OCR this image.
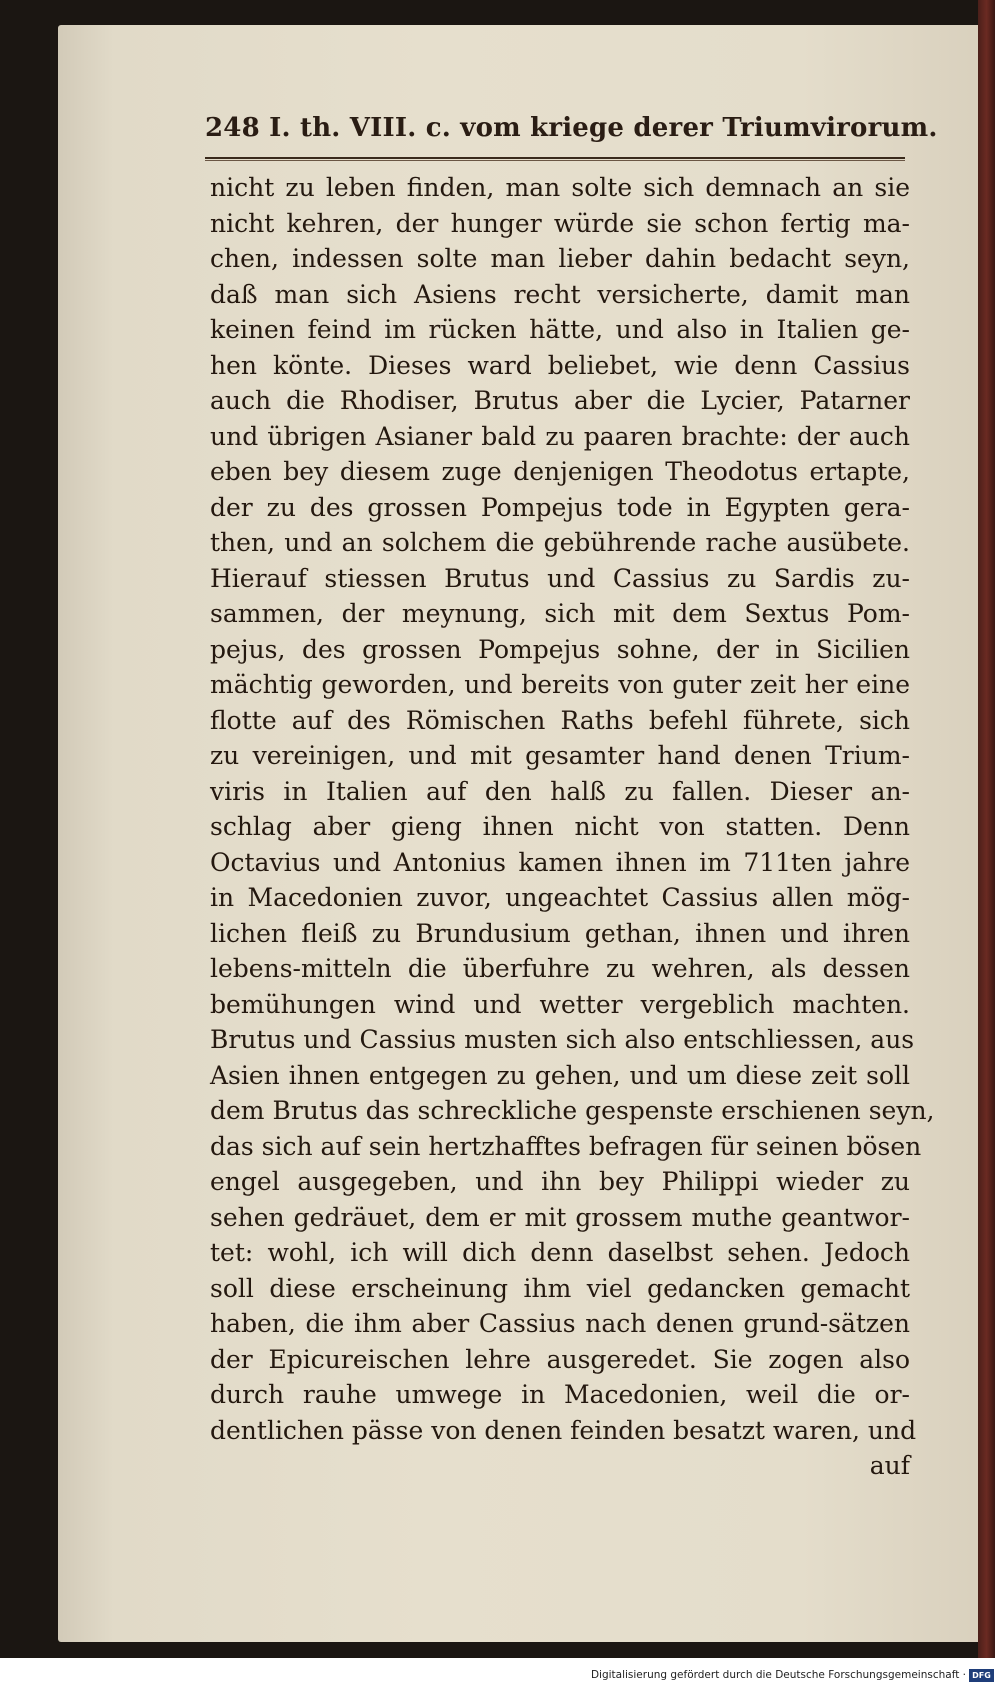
248 I. th. VIII. c. vom kriege derer Triumvirorum.
nicht zu leben finden, man solte sich demnach an sie
nicht kehren, der hunger würde sie schon fertig ma-
chen, indessen solte man lieber dahin bedacht seyn,
daß man sich Asiens recht versicherte, damit man
keinen feind im rücken hätte, und also in Italien ge-
hen könte. Dieses ward beliebet, wie denn Cassius
auch die Rhodiser, Brutus aber die Lycier, Patarner
und übrigen Asianer bald zu paaren brachte: der auch
eben bey diesem zuge denjenigen Theodotus ertapte,
der zu des grossen Pompejus tode in Egypten gera-
then, und an solchem die gebührende rache ausübete.
Hierauf stiessen Brutus und Cassius zu Sardis zu-
sammen, der meynung, sich mit dem Sextus Pom-
pejus, des grossen Pompejus sohne, der in Sicilien
mächtig geworden, und bereits von guter zeit her eine
flotte auf des Römischen Raths befehl führete, sich
zu vereinigen, und mit gesamter hand denen Trium-
viris in Italien auf den halß zu fallen. Dieser an-
schlag aber gieng ihnen nicht von statten. Denn
Octavius und Antonius kamen ihnen im 711ten jahre
in Macedonien zuvor, ungeachtet Cassius allen mög-
lichen fleiß zu Brundusium gethan, ihnen und ihren
lebens-mitteln die überfuhre zu wehren, als dessen
bemühungen wind und wetter vergeblich machten.
Brutus und Cassius musten sich also entschliessen, aus
Asien ihnen entgegen zu gehen, und um diese zeit soll
dem Brutus das schreckliche gespenste erschienen seyn,
das sich auf sein hertzhafftes befragen für seinen bösen
engel ausgegeben, und ihn bey Philippi wieder zu
sehen gedräuet, dem er mit grossem muthe geantwor-
tet: wohl, ich will dich denn daselbst sehen. Jedoch
soll diese erscheinung ihm viel gedancken gemacht
haben, die ihm aber Cassius nach denen grund-sätzen
der Epicureischen lehre ausgeredet. Sie zogen also
durch rauhe umwege in Macedonien, weil die or-
dentlichen pässe von denen feinden besatzt waren, und
auf
Digitalisierung gefördert durch die Deutsche Forschungsgemeinschaft · DFG
